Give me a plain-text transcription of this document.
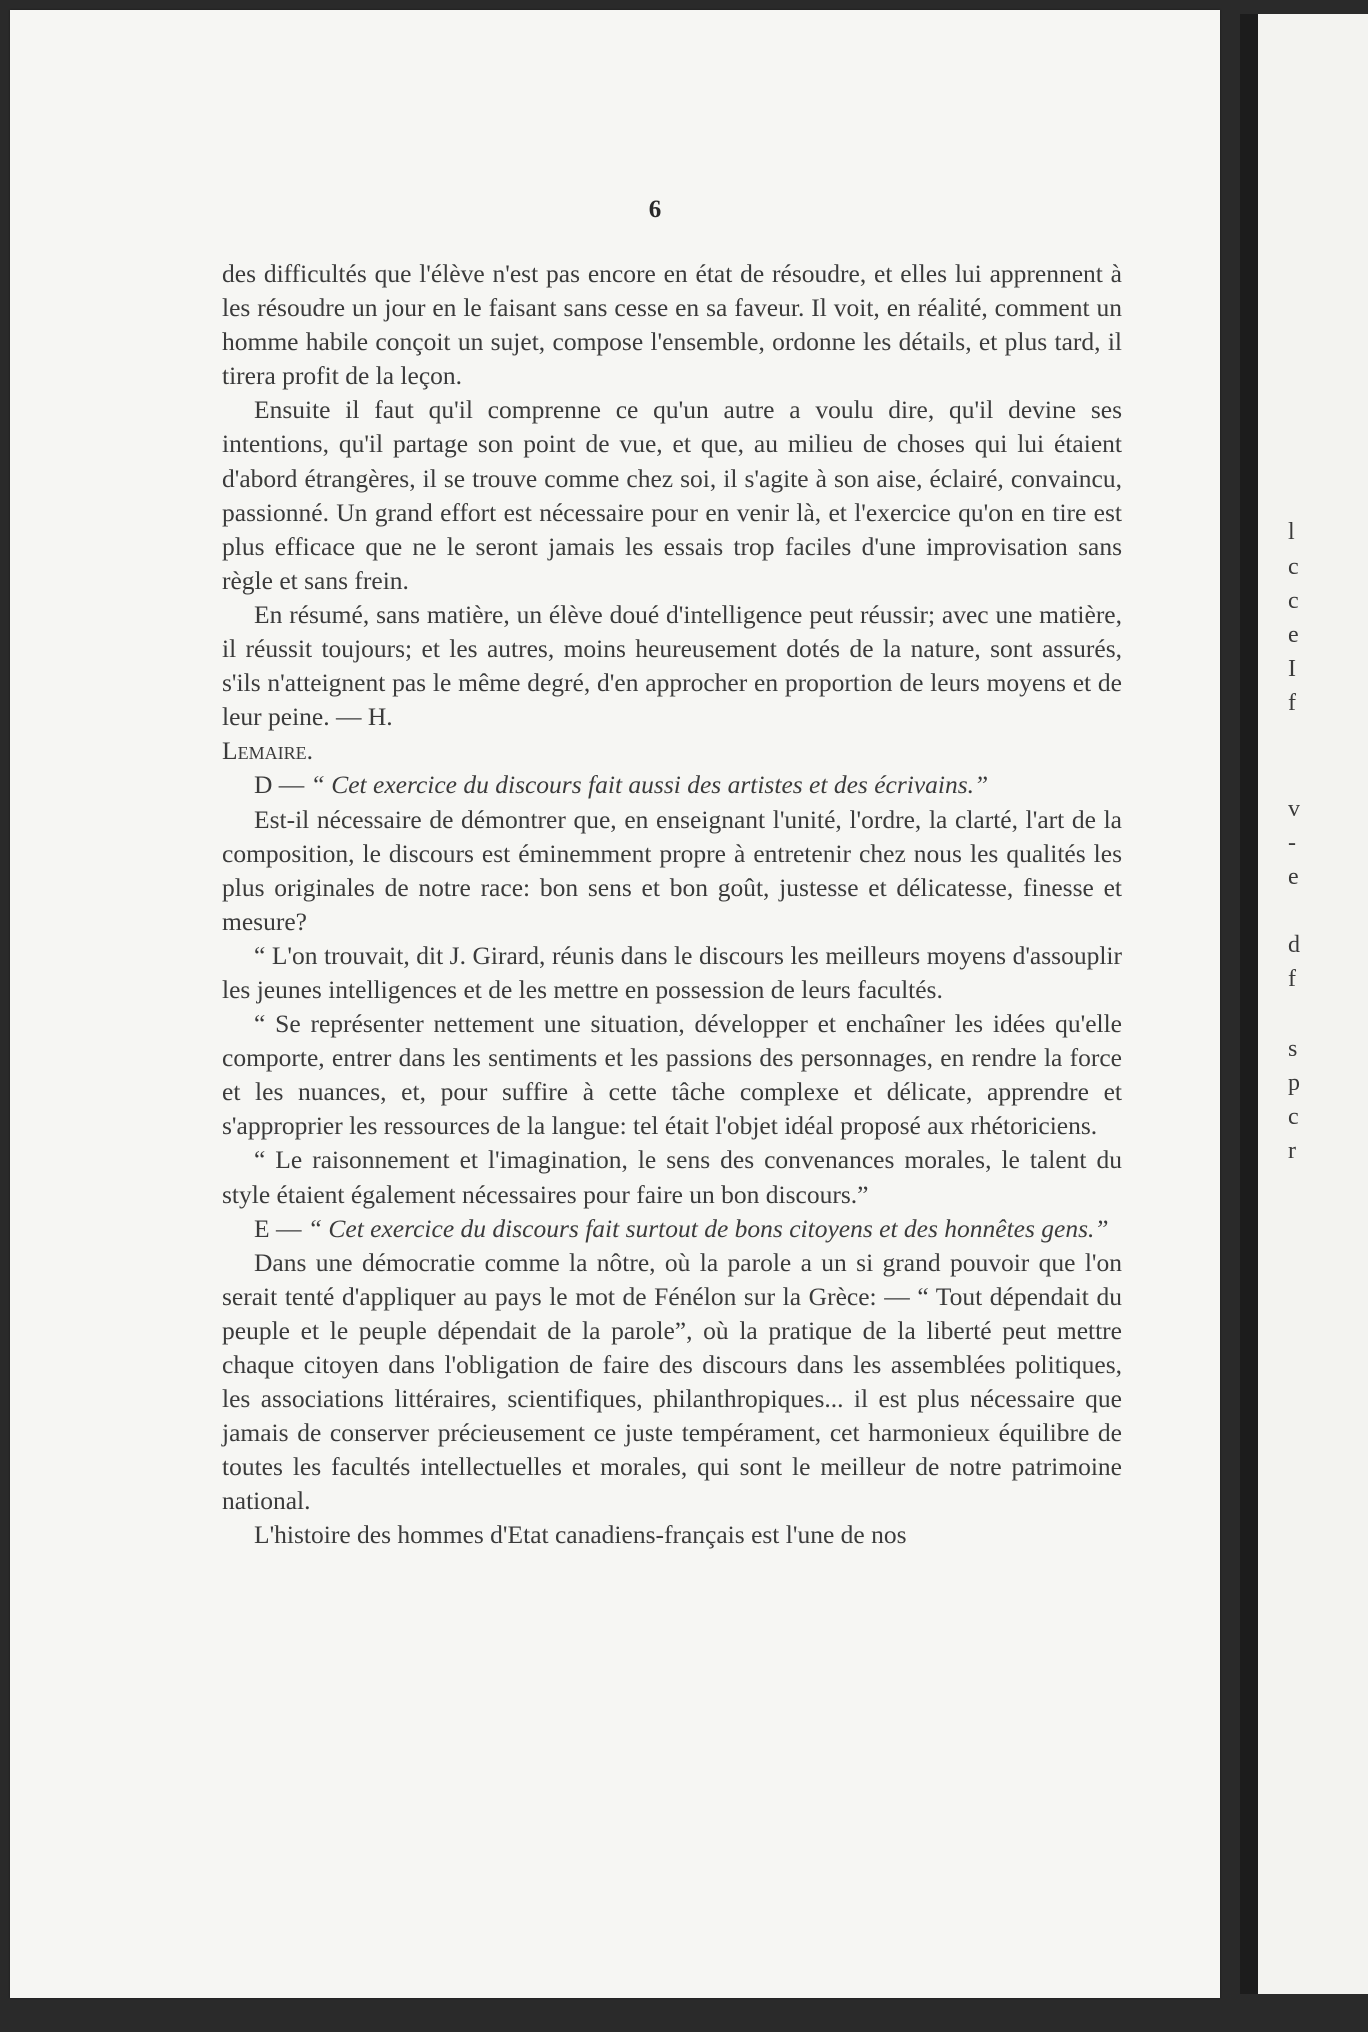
6

des difficultés que l'élève n'est pas encore en état de résoudre, et elles lui apprennent à les résoudre un jour en le faisant sans cesse en sa faveur. Il voit, en réalité, comment un homme habile conçoit un sujet, compose l'ensemble, ordonne les détails, et plus tard, il tirera profit de la leçon.

Ensuite il faut qu'il comprenne ce qu'un autre a voulu dire, qu'il devine ses intentions, qu'il partage son point de vue, et que, au milieu de choses qui lui étaient d'abord étrangères, il se trouve comme chez soi, il s'agite à son aise, éclairé, convaincu, passionné. Un grand effort est nécessaire pour en venir là, et l'exercice qu'on en tire est plus efficace que ne le seront jamais les essais trop faciles d'une improvisation sans règle et sans frein.

En résumé, sans matière, un élève doué d'intelligence peut réussir; avec une matière, il réussit toujours; et les autres, moins heureusement dotés de la nature, sont assurés, s'ils n'atteignent pas le même degré, d'en approcher en proportion de leurs moyens et de leur peine. — H.

Lemaire.

D — “ Cet exercice du discours fait aussi des artistes et des écrivains.”

Est-il nécessaire de démontrer que, en enseignant l'unité, l'ordre, la clarté, l'art de la composition, le discours est éminemment propre à entretenir chez nous les qualités les plus originales de notre race: bon sens et bon goût, justesse et délicatesse, finesse et mesure?

“ L'on trouvait, dit J. Girard, réunis dans le discours les meilleurs moyens d'assouplir les jeunes intelligences et de les mettre en possession de leurs facultés.

“ Se représenter nettement une situation, développer et enchaîner les idées qu'elle comporte, entrer dans les sentiments et les passions des personnages, en rendre la force et les nuances, et, pour suffire à cette tâche complexe et délicate, apprendre et s'approprier les ressources de la langue: tel était l'objet idéal proposé aux rhétoriciens.

“ Le raisonnement et l'imagination, le sens des convenances morales, le talent du style étaient également nécessaires pour faire un bon discours.”

E — “ Cet exercice du discours fait surtout de bons citoyens et des honnêtes gens.”

Dans une démocratie comme la nôtre, où la parole a un si grand pouvoir que l'on serait tenté d'appliquer au pays le mot de Fénélon sur la Grèce: — “ Tout dépendait du peuple et le peuple dépendait de la parole”, où la pratique de la liberté peut mettre chaque citoyen dans l'obligation de faire des discours dans les assemblées politiques, les associations littéraires, scientifiques, philanthropiques... il est plus nécessaire que jamais de conserver précieusement ce juste tempérament, cet harmonieux équilibre de toutes les facultés intellectuelles et morales, qui sont le meilleur de notre patrimoine national.

L'histoire des hommes d'Etat canadiens-français est l'une de nos

l
c
c
e
I
f
v
-
e
d
f
s
p
c
r
